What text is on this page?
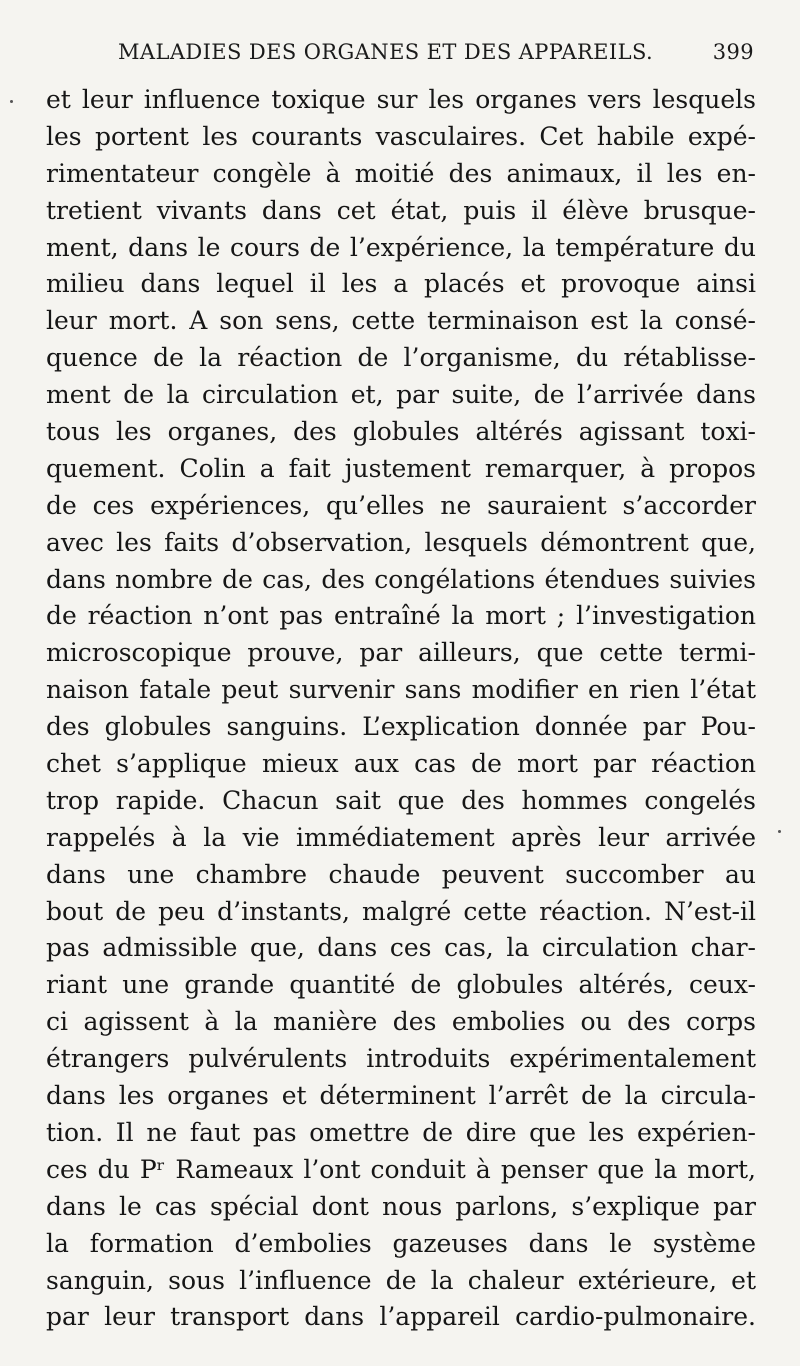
MALADIES DES ORGANES ET DES APPAREILS.	399
et leur influence toxique sur les organes vers lesquels
les portent les courants vasculaires. Cet habile expé-
rimentateur congèle à moitié des animaux, il les en-
tretient vivants dans cet état, puis il élève brusque-
ment, dans le cours de l’expérience, la température du
milieu dans lequel il les a placés et provoque ainsi
leur mort. A son sens, cette terminaison est la consé-
quence de la réaction de l’organisme, du rétablisse-
ment de la circulation et, par suite, de l’arrivée dans
tous les organes, des globules altérés agissant toxi-
quement. Colin a fait justement remarquer, à propos
de ces expériences, qu’elles ne sauraient s’accorder
avec les faits d’observation, lesquels démontrent que,
dans nombre de cas, des congélations étendues suivies
de réaction n’ont pas entraîné la mort ; l’investigation
microscopique prouve, par ailleurs, que cette termi-
naison fatale peut survenir sans modifier en rien l’état
des globules sanguins. L’explication donnée par Pou-
chet s’applique mieux aux cas de mort par réaction
trop rapide. Chacun sait que des hommes congelés
rappelés à la vie immédiatement après leur arrivée
dans une chambre chaude peuvent succomber au
bout de peu d’instants, malgré cette réaction. N’est-il
pas admissible que, dans ces cas, la circulation char-
riant une grande quantité de globules altérés, ceux-
ci agissent à la manière des embolies ou des corps
étrangers pulvérulents introduits expérimentalement
dans les organes et déterminent l’arrêt de la circula-
tion. Il ne faut pas omettre de dire que les expérien-
ces du Pʳ Rameaux l’ont conduit à penser que la mort,
dans le cas spécial dont nous parlons, s’explique par
la formation d’embolies gazeuses dans le système
sanguin, sous l’influence de la chaleur extérieure, et
par leur transport dans l’appareil cardio-pulmonaire.
